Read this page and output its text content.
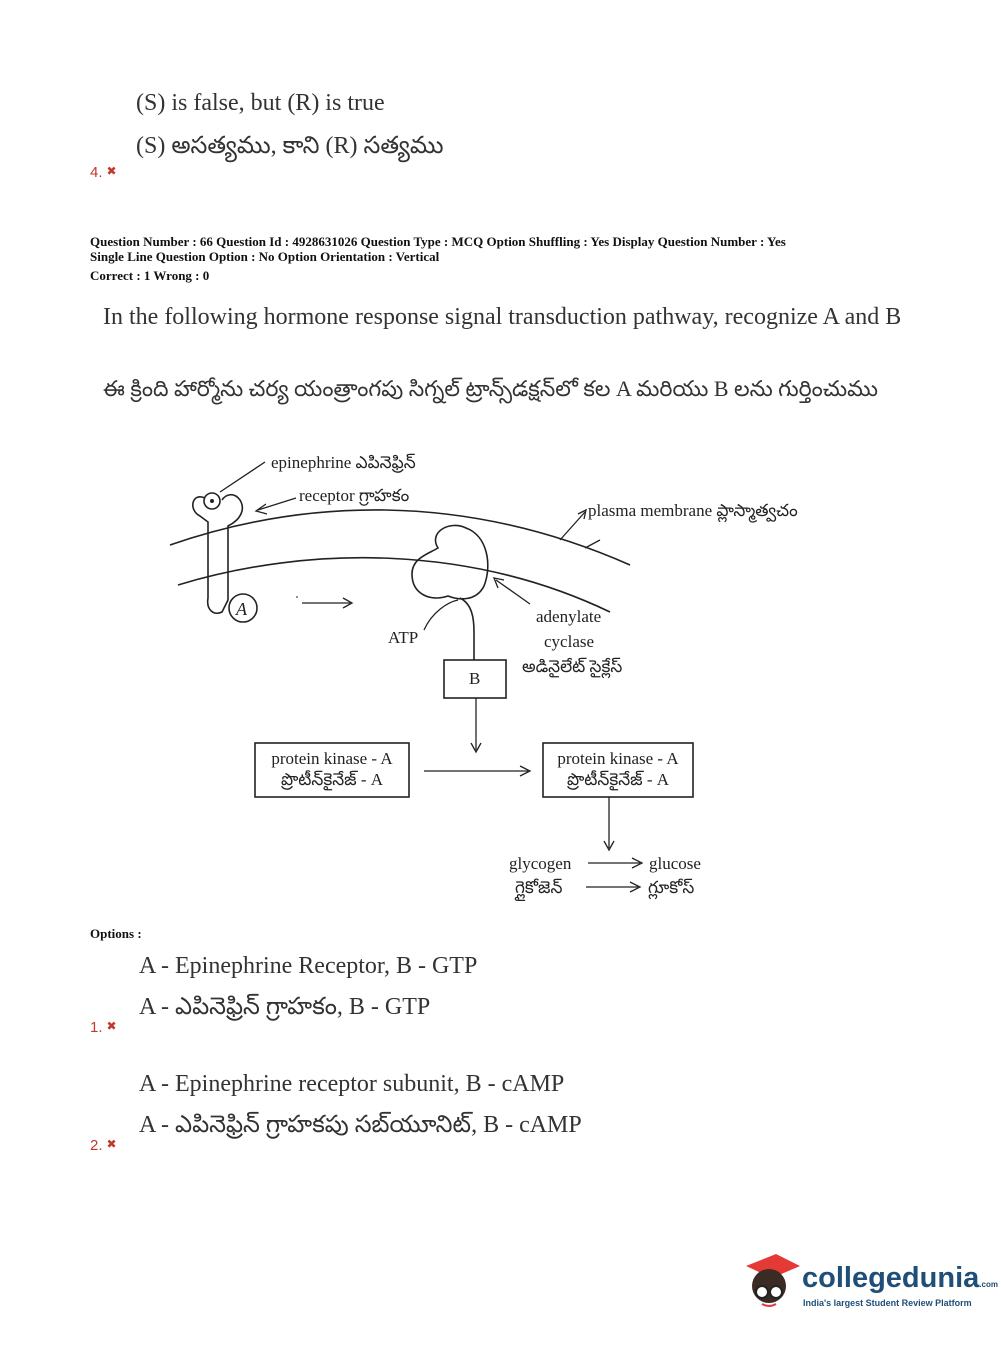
(S) is false, but (R) is true
(S) అసత్యము, కాని (R) సత్యము
4. ✖
Question Number : 66 Question Id : 4928631026 Question Type : MCQ Option Shuffling : Yes Display Question Number : Yes
Single Line Question Option : No Option Orientation : Vertical
Correct : 1 Wrong : 0
In the following hormone response signal transduction pathway, recognize A and B
ఈ క్రింది హార్మోను చర్య యంత్రాంగపు సిగ్నల్ ట్రాన్స్‌డక్షన్‌లో కల A మరియు B లను గుర్తించుము
A
B
epinephrine ఎపినెఫ్రిన్
receptor గ్రాహకం
plasma membrane ప్లాస్మాత్వచం
ATP
adenylate
cyclase
అడినైలేట్ సైక్లేస్
glycogen	glucose
గ్లైకోజెన్	గ్లూకోస్
protein kinase - A
ప్రొటీన్‌కైనేజ్ - A
protein kinase - A
ప్రొటీన్‌కైనేజ్ - A
Options :
A - Epinephrine Receptor, B - GTP
A - ఎపినెఫ్రిన్ గ్రాహకం, B - GTP
1. ✖
A - Epinephrine receptor subunit, B - cAMP
A - ఎపినెఫ్రిన్ గ్రాహకపు సబ్‌యూనిట్, B - cAMP
2. ✖
collegedunia.com
India's largest Student Review Platform
